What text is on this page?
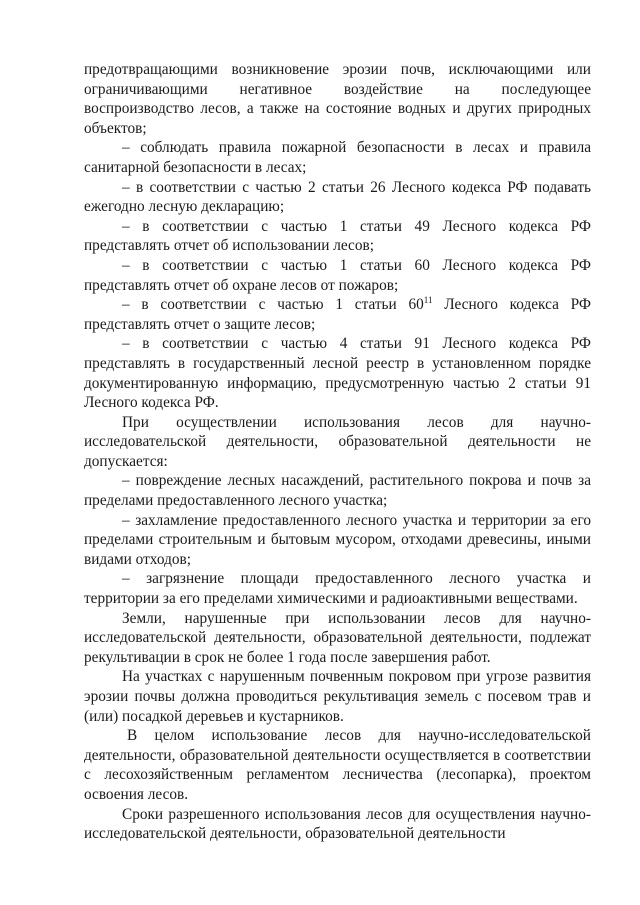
предотвращающими возникновение эрозии почв, исключающими или ограничивающими негативное воздействие на последующее воспроизводство лесов, а также на состояние водных и других природных объектов;

– соблюдать правила пожарной безопасности в лесах и правила санитарной безопасности в лесах;

– в соответствии с частью 2 статьи 26 Лесного кодекса РФ подавать ежегодно лесную декларацию;

– в соответствии с частью 1 статьи 49 Лесного кодекса РФ представлять отчет об использовании лесов;

– в соответствии с частью 1 статьи 60 Лесного кодекса РФ представлять отчет об охране лесов от пожаров;

– в соответствии с частью 1 статьи 60$^{11}$ Лесного кодекса РФ представлять отчет о защите лесов;

– в соответствии с частью 4 статьи 91 Лесного кодекса РФ представлять в государственный лесной реестр в установленном порядке документированную информацию, предусмотренную частью 2 статьи 91 Лесного кодекса РФ.

При осуществлении использования лесов для научно-исследовательской деятельности, образовательной деятельности не допускается:

– повреждение лесных насаждений, растительного покрова и почв за пределами предоставленного лесного участка;

– захламление предоставленного лесного участка и территории за его пределами строительным и бытовым мусором, отходами древесины, иными видами отходов;

– загрязнение площади предоставленного лесного участка и территории за его пределами химическими и радиоактивными веществами.

Земли, нарушенные при использовании лесов для научно-исследовательской деятельности, образовательной деятельности, подлежат рекультивации в срок не более 1 года после завершения работ.

На участках с нарушенным почвенным покровом при угрозе развития эрозии почвы должна проводиться рекультивация земель с посевом трав и (или) посадкой деревьев и кустарников.

В целом использование лесов для научно-исследовательской деятельности, образовательной деятельности осуществляется в соответствии с лесохозяйственным регламентом лесничества (лесопарка), проектом освоения лесов.

Сроки разрешенного использования лесов для осуществления научно-исследовательской деятельности, образовательной деятельности
